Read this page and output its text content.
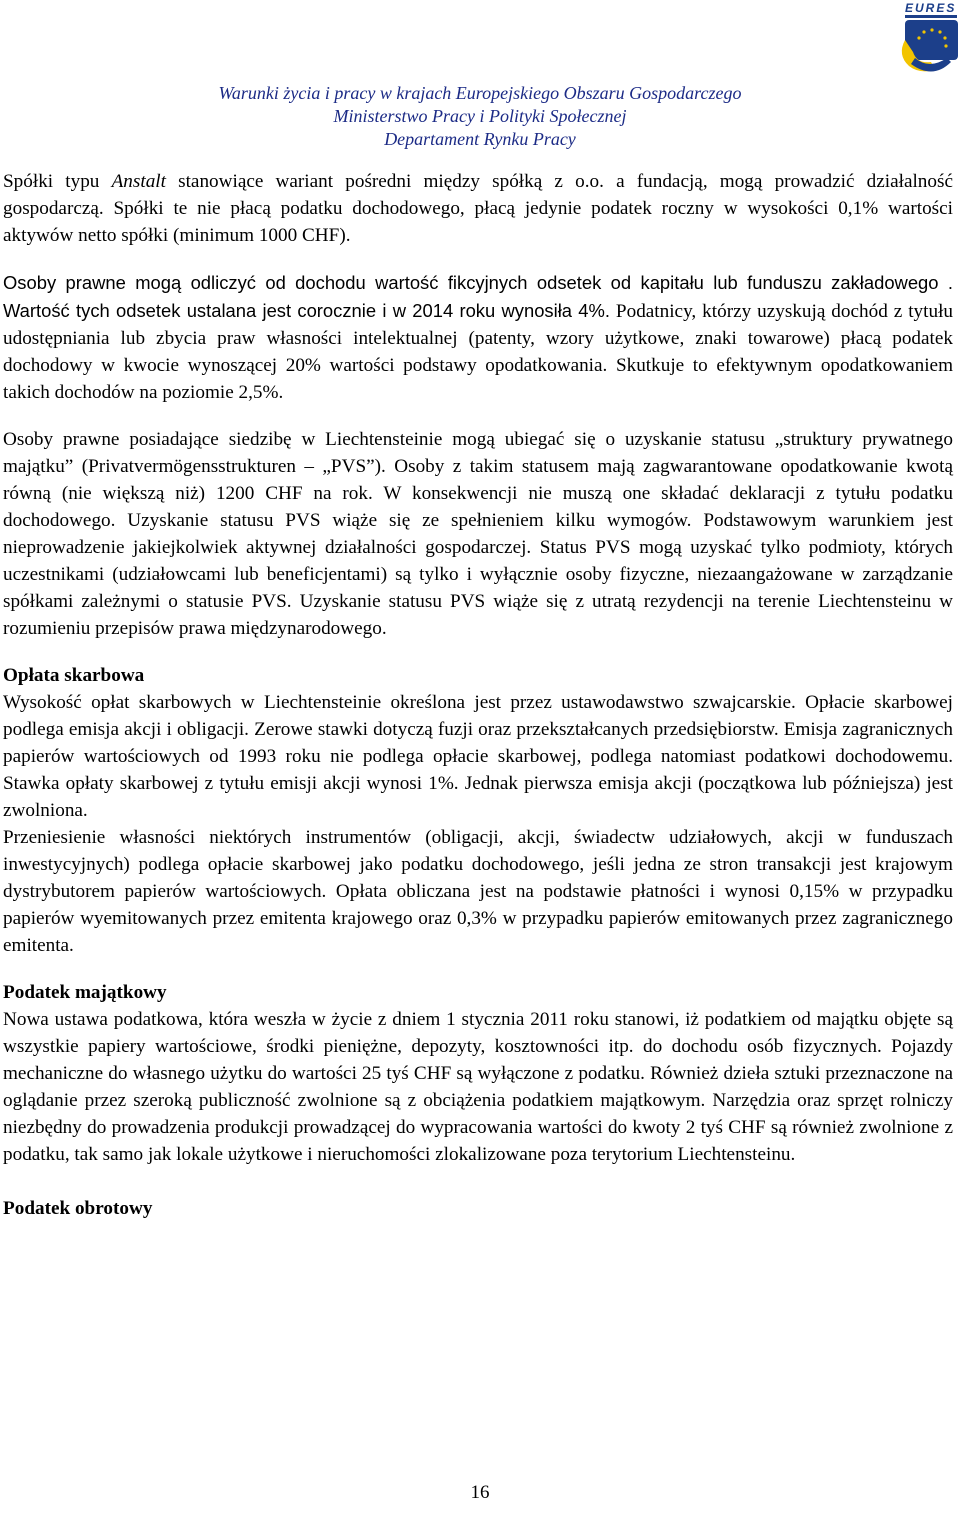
EURES
Warunki życia i pracy w krajach Europejskiego Obszaru Gospodarczego
Ministerstwo Pracy i Polityki Społecznej
Departament Rynku Pracy

Spółki typu Anstalt stanowiące wariant pośredni między spółką z o.o. a fundacją, mogą prowadzić działalność gospodarczą. Spółki te nie płacą podatku dochodowego, płacą jedynie podatek roczny w wysokości 0,1% wartości aktywów netto spółki (minimum 1000 CHF).

Osoby prawne mogą odliczyć od dochodu wartość fikcyjnych odsetek od kapitału lub funduszu zakładowego . Wartość tych odsetek ustalana jest corocznie i w 2014 roku wynosiła 4%. Podatnicy, którzy uzyskują dochód z tytułu udostępniania lub zbycia praw własności intelektualnej (patenty, wzory użytkowe, znaki towarowe) płacą podatek dochodowy w kwocie wynoszącej 20% wartości podstawy opodatkowania. Skutkuje to efektywnym opodatkowaniem takich dochodów na poziomie 2,5%.

Osoby prawne posiadające siedzibę w Liechtensteinie mogą ubiegać się o uzyskanie statusu „struktury prywatnego majątku” (Privatvermögensstrukturen – „PVS”). Osoby z takim statusem mają zagwarantowane opodatkowanie kwotą równą (nie większą niż) 1200 CHF na rok. W konsekwencji nie muszą one składać deklaracji z tytułu podatku dochodowego. Uzyskanie statusu PVS wiąże się ze spełnieniem kilku wymogów. Podstawowym warunkiem jest nieprowadzenie jakiejkolwiek aktywnej działalności gospodarczej. Status PVS mogą uzyskać tylko podmioty, których uczestnikami (udziałowcami lub beneficjentami) są tylko i wyłącznie osoby fizyczne, niezaangażowane w zarządzanie spółkami zależnymi o statusie PVS. Uzyskanie statusu PVS wiąże się z utratą rezydencji na terenie Liechtensteinu w rozumieniu przepisów prawa międzynarodowego.

Opłata skarbowa

Wysokość opłat skarbowych w Liechtensteinie określona jest przez ustawodawstwo szwajcarskie. Opłacie skarbowej podlega emisja akcji i obligacji. Zerowe stawki dotyczą fuzji oraz przekształcanych przedsiębiorstw. Emisja zagranicznych papierów wartościowych od 1993 roku nie podlega opłacie skarbowej, podlega natomiast podatkowi dochodowemu. Stawka opłaty skarbowej z tytułu emisji akcji wynosi 1%. Jednak pierwsza emisja akcji (początkowa lub późniejsza) jest zwolniona.

Przeniesienie własności niektórych instrumentów (obligacji, akcji, świadectw udziałowych, akcji w funduszach inwestycyjnych) podlega opłacie skarbowej jako podatku dochodowego, jeśli jedna ze stron transakcji jest krajowym dystrybutorem papierów wartościowych. Opłata obliczana jest na podstawie płatności i wynosi 0,15% w przypadku papierów wyemitowanych przez emitenta krajowego oraz 0,3% w przypadku papierów emitowanych przez zagranicznego emitenta.

Podatek majątkowy

Nowa ustawa podatkowa, która weszła w życie z dniem 1 stycznia 2011 roku stanowi, iż podatkiem od majątku objęte są wszystkie papiery wartościowe, środki pieniężne, depozyty, kosztowności itp. do dochodu osób fizycznych. Pojazdy mechaniczne do własnego użytku do wartości 25 tyś CHF są wyłączone z podatku. Również dzieła sztuki przeznaczone na oglądanie przez szeroką publiczność zwolnione są z obciążenia podatkiem majątkowym. Narzędzia oraz sprzęt rolniczy niezbędny do prowadzenia produkcji prowadzącej do wypracowania wartości do kwoty 2 tyś CHF są również zwolnione z podatku, tak samo jak lokale użytkowe i nieruchomości zlokalizowane poza terytorium Liechtensteinu.

Podatek obrotowy
16
